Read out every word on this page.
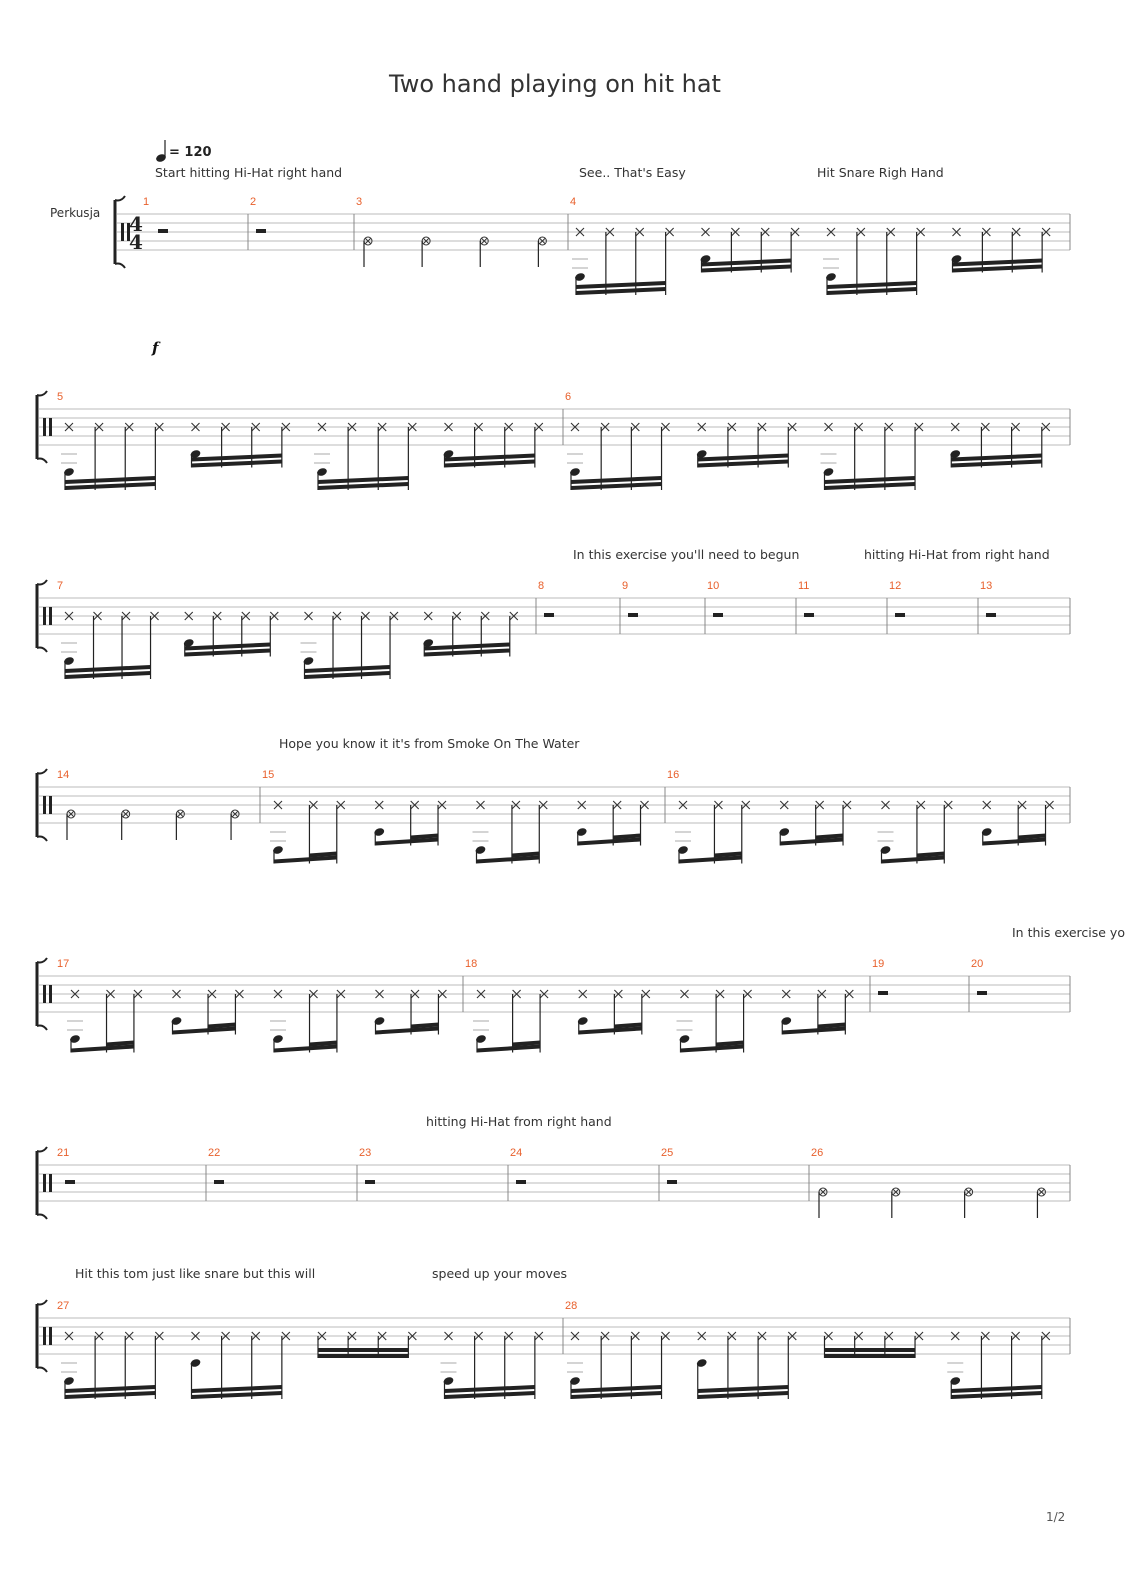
4
4
1	2	3	4
5	6
7	8	9	10	11	12	13
14	15	16
17	18	19	20
21	22	23	24	25	26
27	28
Two hand playing on hit hat
= 120
Perkusja
f
Start hitting Hi-Hat right hand	See.. That's Easy	Hit Snare Righ Hand
In this exercise you'll need to begun	hitting Hi-Hat from right hand
Hope you know it it's from Smoke On The Water
In this exercise yo
hitting Hi-Hat from right hand
Hit this tom just like snare but this will	speed up your moves
1/2
